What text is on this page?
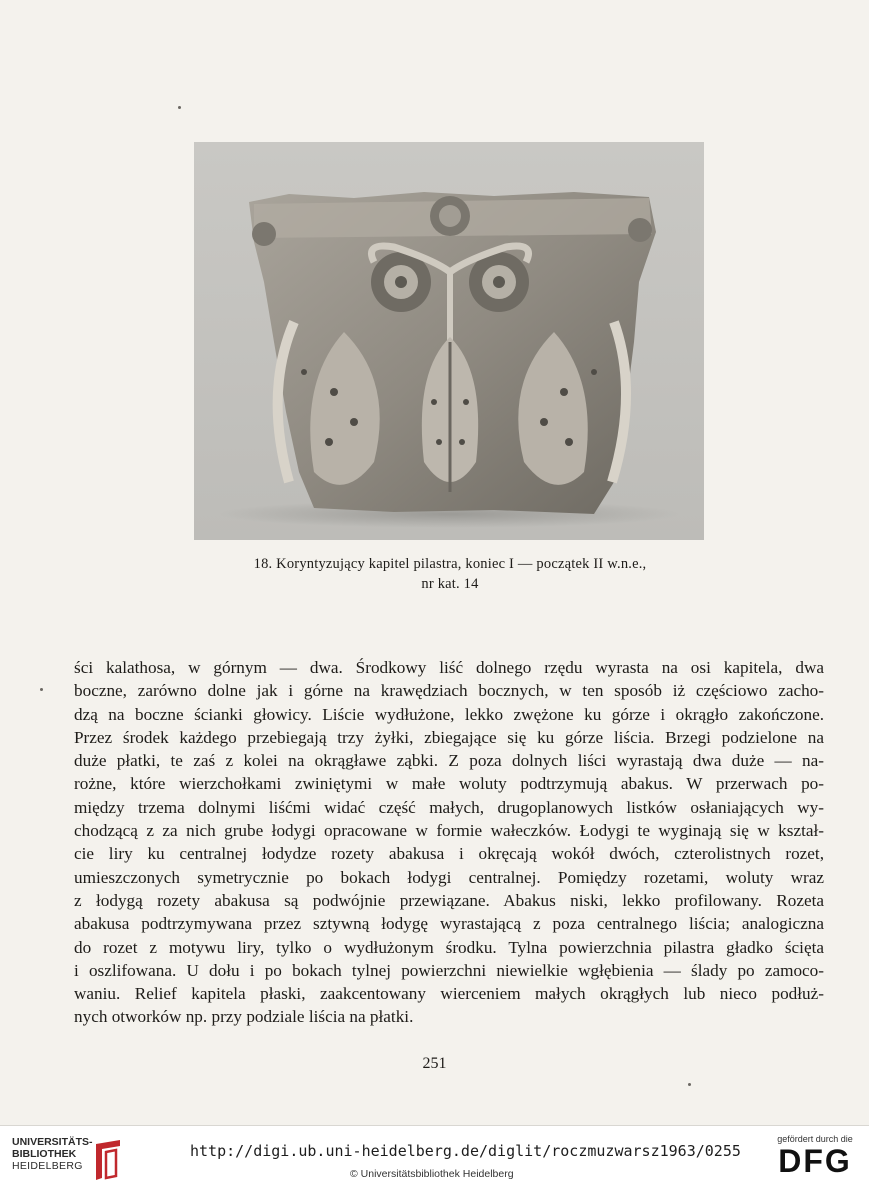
18. Koryntyzujący kapitel pilastra, koniec I — początek II w.n.e.,
nr kat. 14
ści kalathosa, w górnym — dwa. Środkowy liść dolnego rzędu wyrasta na osi kapitela, dwa
boczne, zarówno dolne jak i górne na krawędziach bocznych, w ten sposób iż częściowo zacho-
dzą na boczne ścianki głowicy. Liście wydłużone, lekko zwężone ku górze i okrągło zakończone.
Przez środek każdego przebiegają trzy żyłki, zbiegające się ku górze liścia. Brzegi podzielone na
duże płatki, te zaś z kolei na okrągławe ząbki. Z poza dolnych liści wyrastają dwa duże — na-
rożne, które wierzchołkami zwiniętymi w małe woluty podtrzymują abakus. W przerwach po-
między trzema dolnymi liśćmi widać część małych, drugoplanowych listków osłaniających wy-
chodzącą z za nich grube łodygi opracowane w formie wałeczków. Łodygi te wyginają się w kształ-
cie liry ku centralnej łodydze rozety abakusa i okręcają wokół dwóch, czterolistnych rozet,
umieszczonych symetrycznie po bokach łodygi centralnej. Pomiędzy rozetami, woluty wraz
z łodygą rozety abakusa są podwójnie przewiązane. Abakus niski, lekko profilowany. Rozeta
abakusa podtrzymywana przez sztywną łodygę wyrastającą z poza centralnego liścia; analogiczna
do rozet z motywu liry, tylko o wydłużonym środku. Tylna powierzchnia pilastra gładko ścięta
i oszlifowana. U dołu i po bokach tylnej powierzchni niewielkie wgłębienia — ślady po zamoco-
waniu. Relief kapitela płaski, zaakcentowany wierceniem małych okrągłych lub nieco podłuż-
nych otworków np. przy podziale liścia na płatki.
251
UNIVERSITÄTS-
BIBLIOTHEK
HEIDELBERG
http://digi.ub.uni-heidelberg.de/diglit/roczmuzwarsz1963/0255
© Universitätsbibliothek Heidelberg
gefördert durch die
DFG
